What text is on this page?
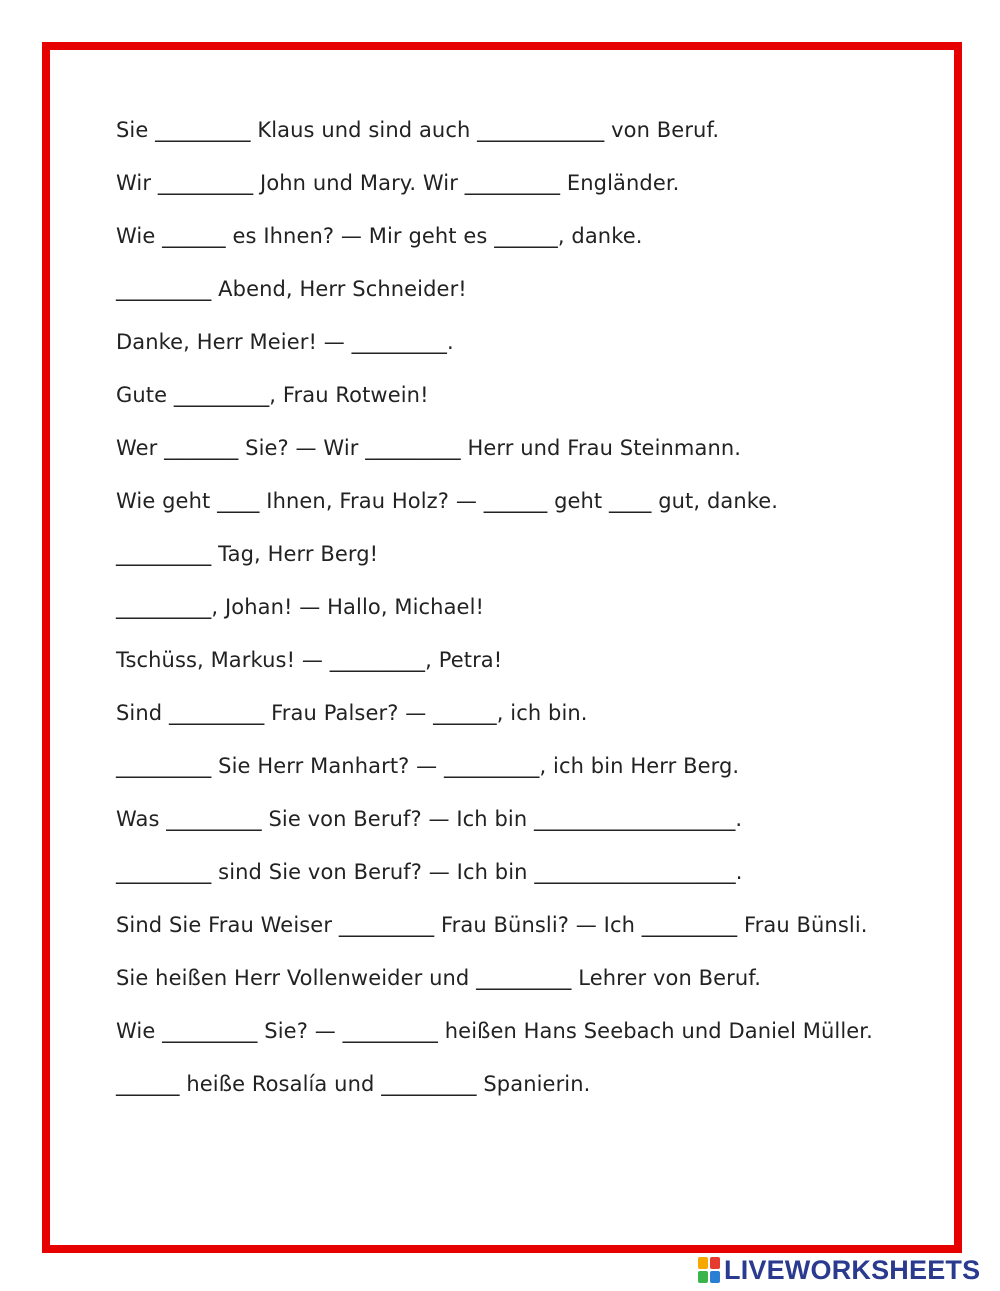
Sie _________ Klaus und sind auch ____________ von Beruf.

Wir _________ John und Mary. Wir _________ Engländer.

Wie ______ es Ihnen? — Mir geht es ______, danke.

_________ Abend, Herr Schneider!

Danke, Herr Meier! — _________.

Gute _________, Frau Rotwein!

Wer _______ Sie? — Wir _________ Herr und Frau Steinmann.

Wie geht ____ Ihnen, Frau Holz? — ______ geht ____ gut, danke.

_________ Tag, Herr Berg!

_________, Johan! — Hallo, Michael!

Tschüss, Markus! — _________, Petra!

Sind _________ Frau Palser? — ______, ich bin.

_________ Sie Herr Manhart? — _________, ich bin Herr Berg.

Was _________ Sie von Beruf? — Ich bin ___________________.

_________ sind Sie von Beruf? — Ich bin ___________________.

Sind Sie Frau Weiser _________ Frau Bünsli? — Ich _________ Frau Bünsli.

Sie heißen Herr Vollenweider und _________ Lehrer von Beruf.

Wie _________ Sie? — _________ heißen Hans Seebach und Daniel Müller.

______ heiße Rosalía und _________ Spanierin.

LIVEWORKSHEETS
